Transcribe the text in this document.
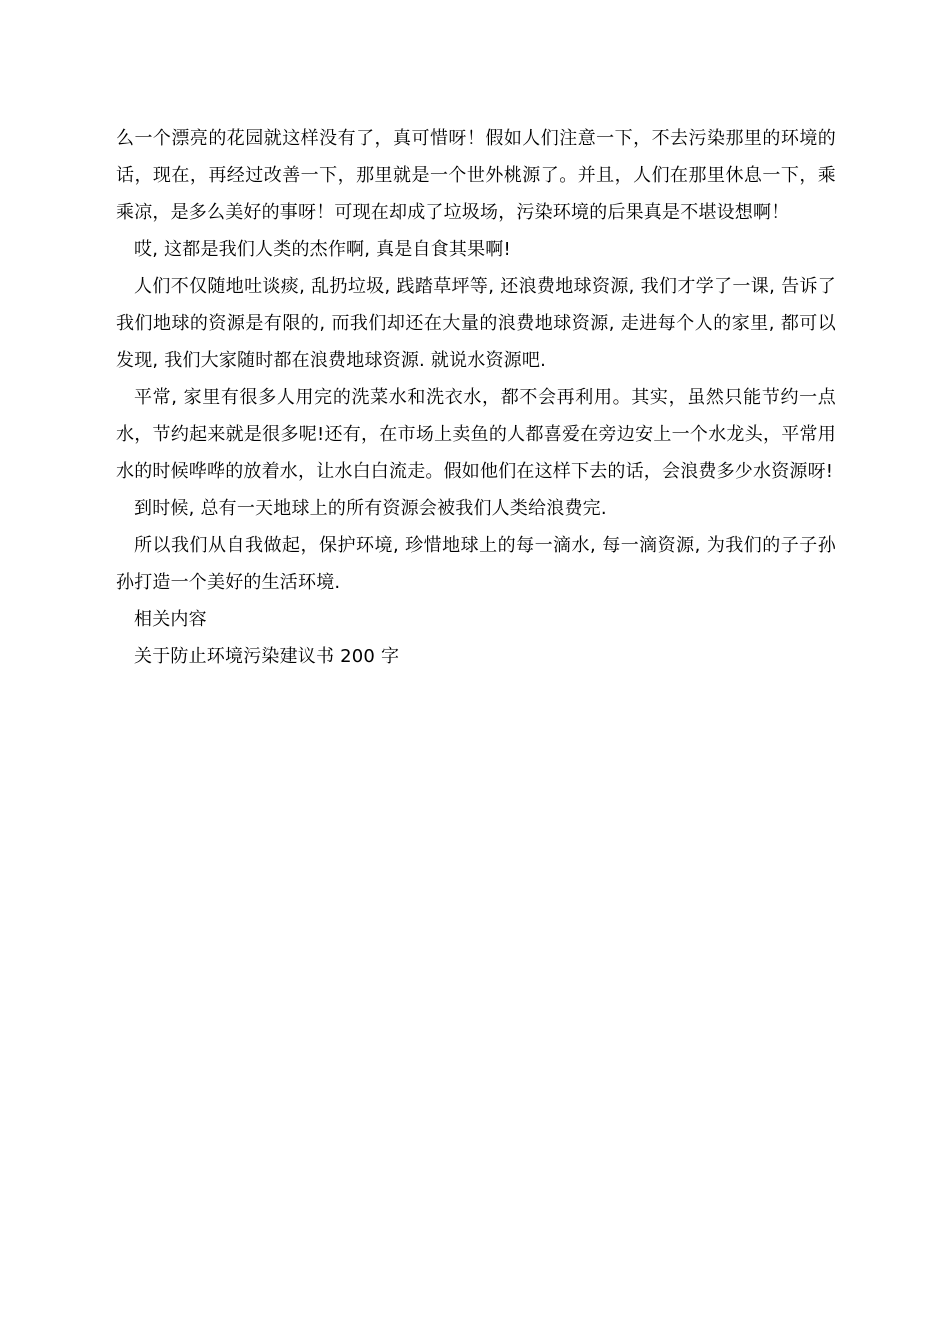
么一个漂亮的花园就这样没有了，真可惜呀！假如人们注意一下，不去污染那里的环境的话，现在，再经过改善一下，那里就是一个世外桃源了。并且，人们在那里休息一下，乘乘凉，是多么美好的事呀！可现在却成了垃圾场，污染环境的后果真是不堪设想啊！

哎, 这都是我们人类的杰作啊, 真是自食其果啊!

人们不仅随地吐谈痰, 乱扔垃圾, 践踏草坪等, 还浪费地球资源, 我们才学了一课, 告诉了我们地球的资源是有限的, 而我们却还在大量的浪费地球资源, 走进每个人的家里, 都可以发现, 我们大家随时都在浪费地球资源. 就说水资源吧.

平常, 家里有很多人用完的洗菜水和洗衣水，都不会再利用。其实，虽然只能节约一点水，节约起来就是很多呢!还有，在市场上卖鱼的人都喜爱在旁边安上一个水龙头，平常用水的时候哗哗的放着水，让水白白流走。假如他们在这样下去的话，会浪费多少水资源呀!

到时候, 总有一天地球上的所有资源会被我们人类给浪费完.

所以我们从自我做起，保护环境, 珍惜地球上的每一滴水, 每一滴资源, 为我们的子子孙孙打造一个美好的生活环境.

相关内容

关于防止环境污染建议书 200 字
